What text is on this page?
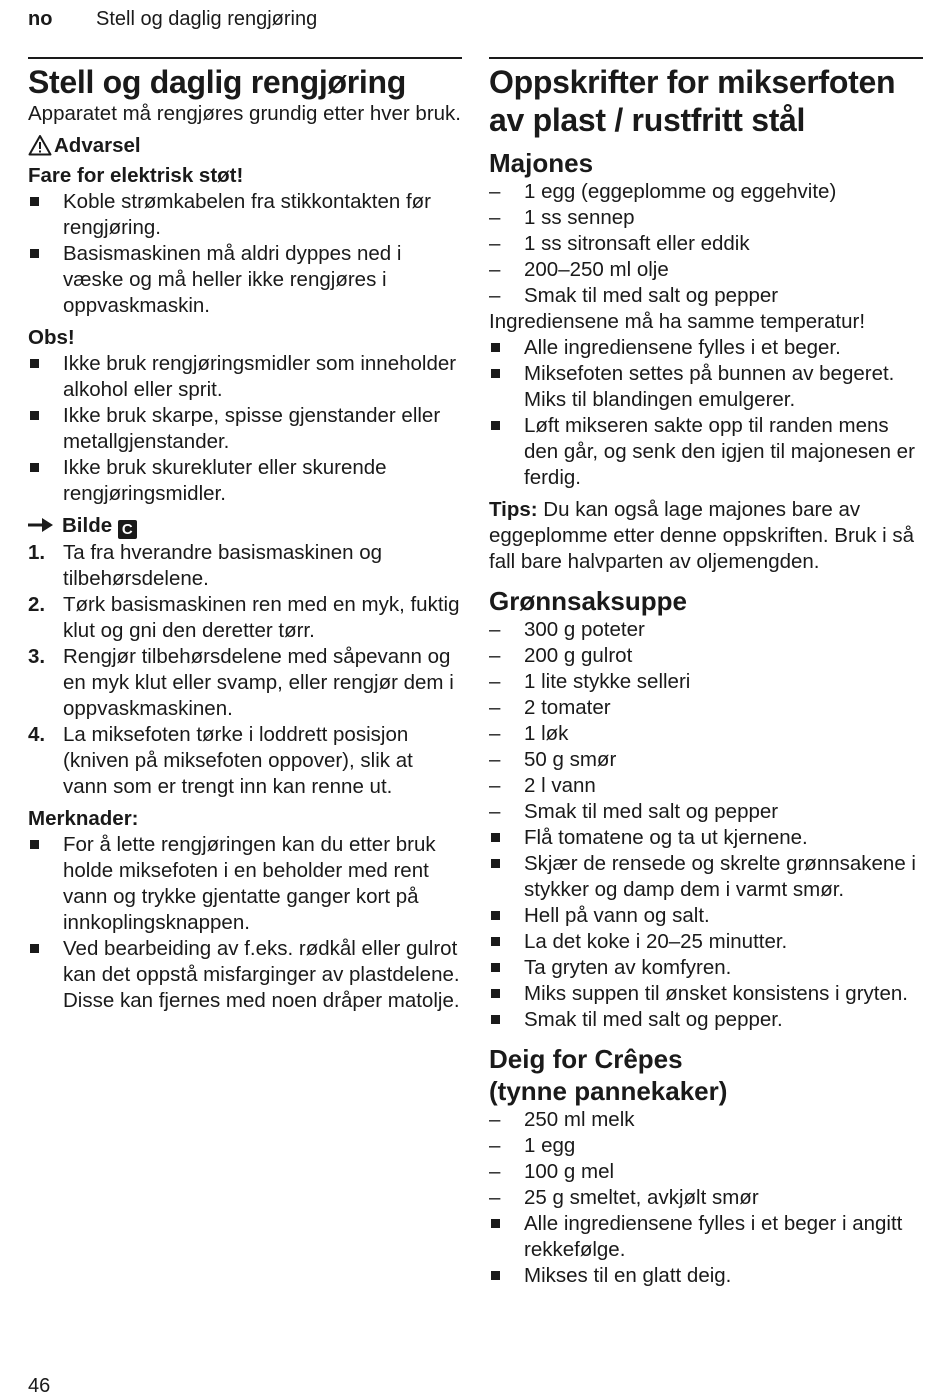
no Stell og daglig rengjøring
Stell og daglig rengjøring

Apparatet må rengjøres grundig etter hver bruk.

Advarsel

Fare for elektrisk støt!

Koble strømkabelen fra stikkontakten før rengjøring.
Basismaskinen må aldri dyppes ned i væske og må heller ikke rengjøres i oppvaskmaskin.

Obs!

Ikke bruk rengjøringsmidler som inneholder alkohol eller sprit.
Ikke bruk skarpe, spisse gjenstander eller metallgjenstander.
Ikke bruk skurekluter eller skurende rengjøringsmidler.

Bilde C

1. Ta fra hverandre basismaskinen og tilbehørsdelene.
2. Tørk basismaskinen ren med en myk, fuktig klut og gni den deretter tørr.
3. Rengjør tilbehørsdelene med såpevann og en myk klut eller svamp, eller rengjør dem i oppvaskmaskinen.
4. La miksefoten tørke i loddrett posisjon (kniven på miksefoten oppover), slik at vann som er trengt inn kan renne ut.

Merknader:

For å lette rengjøringen kan du etter bruk holde miksefoten i en beholder med rent vann og trykke gjentatte ganger kort på innkoplingsknappen.
Ved bearbeiding av f.eks. rødkål eller gulrot kan det oppstå misfarginger av plastdelene. Disse kan fjernes med noen dråper matolje.
Oppskrifter for mikserfoten
av plast / rustfritt stål
Majones
–	1 egg (eggeplomme og eggehvite)
–	1 ss sennep
–	1 ss sitronsaft eller eddik
–	200–250 ml olje
–	Smak til med salt og pepper

Ingrediensene må ha samme temperatur!

Alle ingrediensene fylles i et beger.
Miksefoten settes på bunnen av begeret. Miks til blandingen emulgerer.
Løft mikseren sakte opp til randen mens den går, og senk den igjen til majonesen er ferdig.

Tips: Du kan også lage majones bare av eggeplomme etter denne oppskriften. Bruk i så fall bare halvparten av oljemengden.

Grønnsaksuppe
–	300 g poteter
–	200 g gulrot
–	1 lite stykke selleri
–	2 tomater
–	1 løk
–	50 g smør
–	2 l vann
–	Smak til med salt og pepper
Flå tomatene og ta ut kjernene.
Skjær de rensede og skrelte grønnsakene i stykker og damp dem i varmt smør.
Hell på vann og salt.
La det koke i 20–25 minutter.
Ta gryten av komfyren.
Miks suppen til ønsket konsistens i gryten.
Smak til med salt og pepper.
Deig for Crêpes
(tynne pannekaker)
–	250 ml melk
–	1 egg
–	100 g mel
–	25 g smeltet, avkjølt smør
Alle ingrediensene fylles i et beger i angitt rekkefølge.
Mikses til en glatt deig.
46
